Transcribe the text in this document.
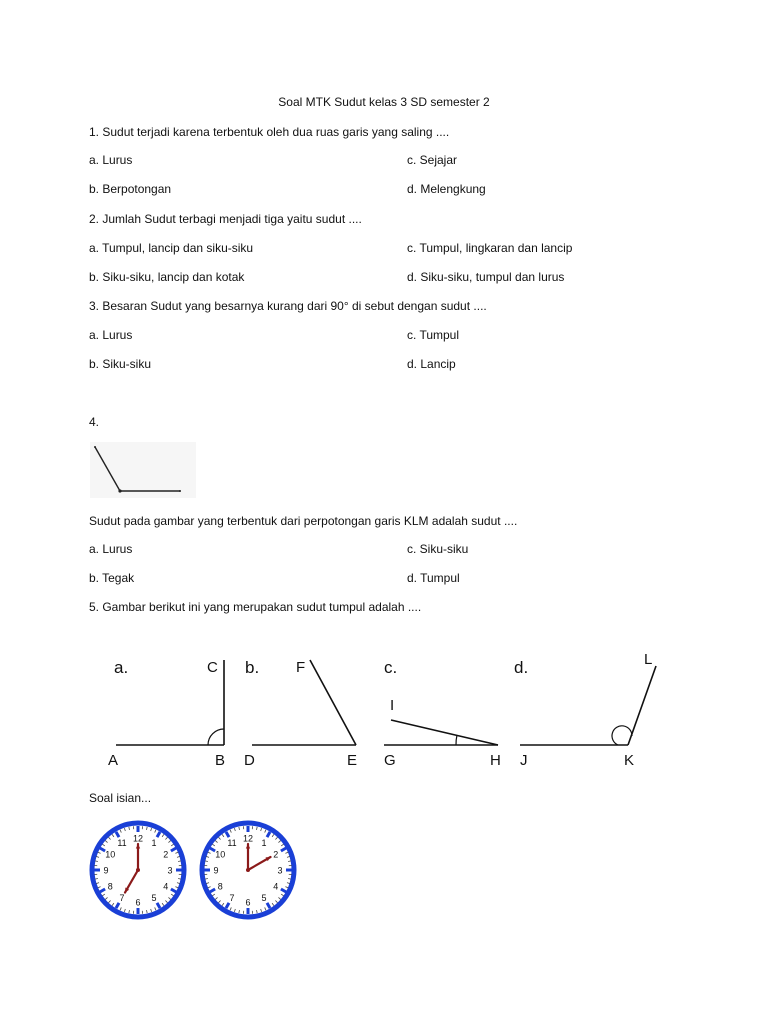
Soal MTK Sudut kelas 3 SD semester 2
1. Sudut terjadi karena terbentuk oleh dua ruas garis yang saling ....
a. Lurus
b. Berpotongan
c. Sejajar
d. Melengkung
2. Jumlah Sudut terbagi menjadi tiga yaitu sudut ....
a. Tumpul, lancip dan siku-siku
b. Siku-siku, lancip dan kotak
c. Tumpul, lingkaran dan lancip
d. Siku-siku, tumpul dan lurus
3. Besaran Sudut yang besarnya kurang dari 90° di sebut dengan sudut ....
a. Lurus
b. Siku-siku
c. Tumpul
d. Lancip
4.
Sudut pada gambar yang terbentuk dari perpotongan garis KLM adalah sudut ....
a. Lurus
b. Tegak
c. Siku-siku
d. Tumpul
5. Gambar berikut ini yang merupakan sudut tumpul adalah ....
a.
A	B
C b.
D	E
F	c.
G	H
I
d.
J	K
L
Soal isian...
12 1
2
3
4
5
6
7
8
9
10
11	12 1
2
3
4
5
6
7
8
9
10
11
